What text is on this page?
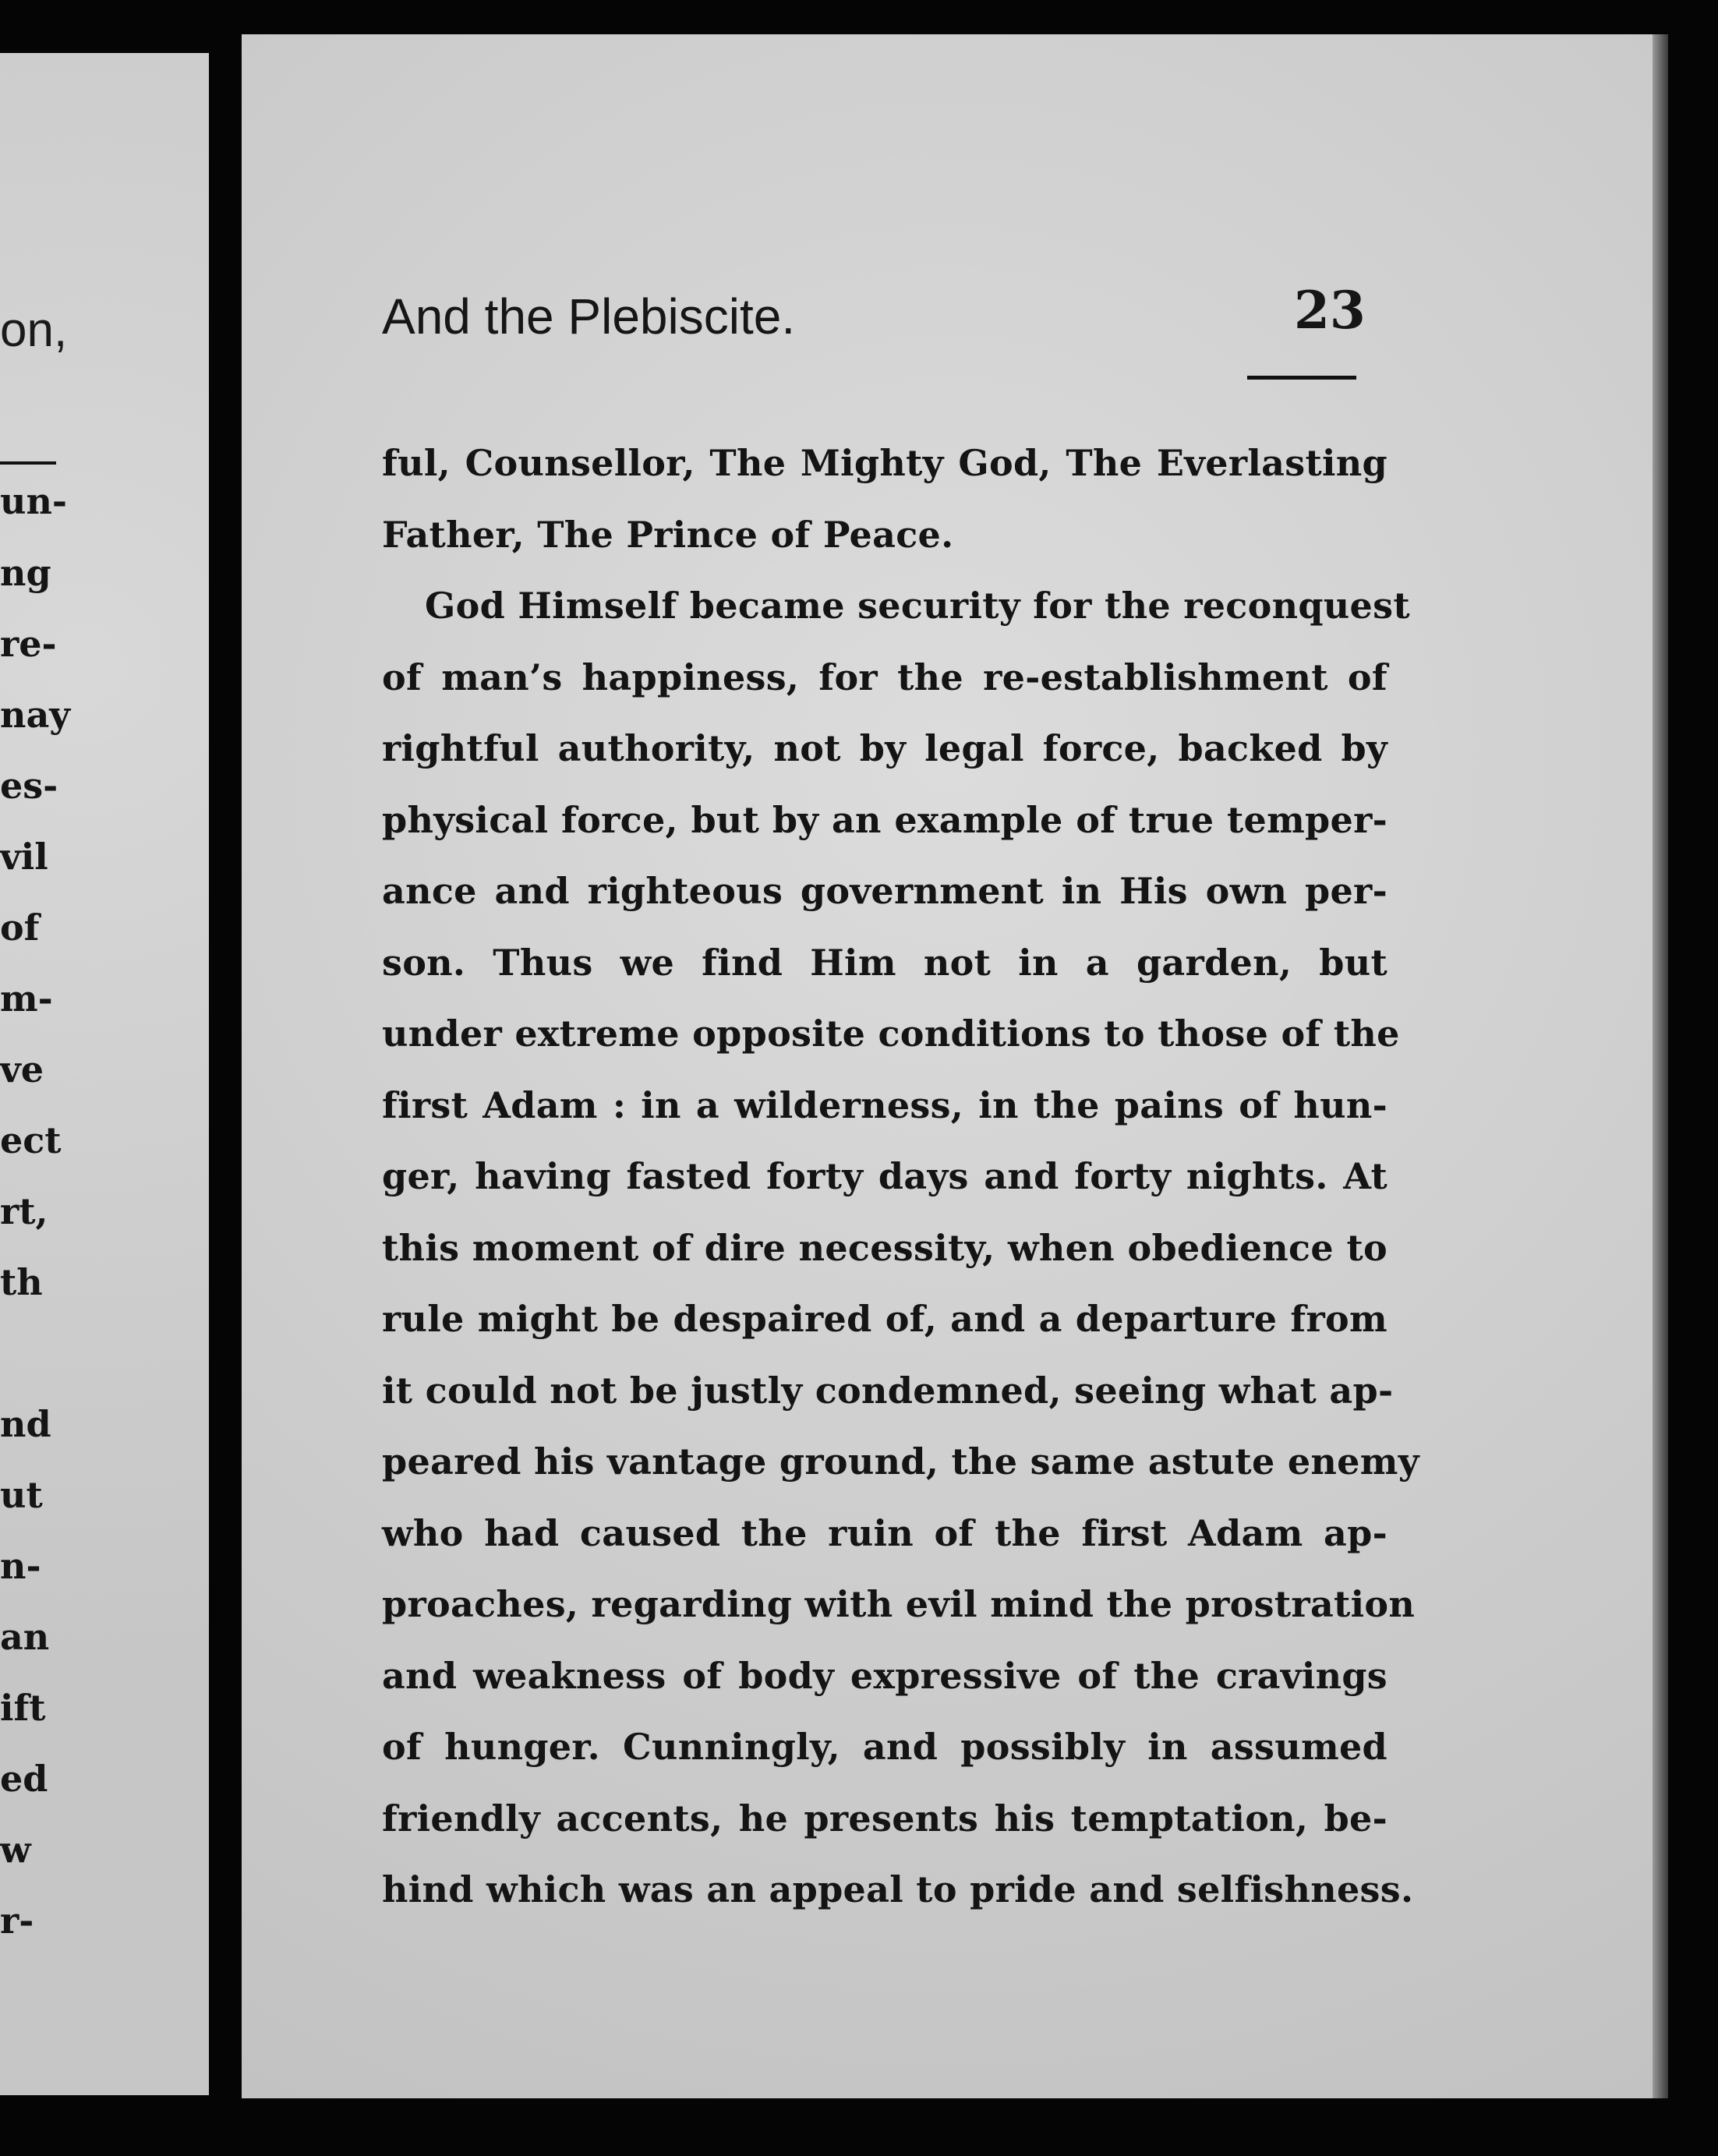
on,
un-
ng
re-
nay
es-
vil
of
m-
ve
ect
rt,
th
nd
ut
n-
an
ift
ed
w
r-
And the Plebiscite.	23
ful, Counsellor, The Mighty God, The Everlasting
Father, The Prince of Peace.
God Himself became security for the reconquest
of man’s happiness, for the re-establishment of
rightful authority, not by legal force, backed by
physical force, but by an example of true temper-
ance and righteous government in His own per-
son. Thus we find Him not in a garden, but
under extreme opposite conditions to those of the
first Adam : in a wilderness, in the pains of hun-
ger, having fasted forty days and forty nights. At
this moment of dire necessity, when obedience to
rule might be despaired of, and a departure from
it could not be justly condemned, seeing what ap-
peared his vantage ground, the same astute enemy
who had caused the ruin of the first Adam ap-
proaches, regarding with evil mind the prostration
and weakness of body expressive of the cravings
of hunger. Cunningly, and possibly in assumed
friendly accents, he presents his temptation, be-
hind which was an appeal to pride and selfishness.
